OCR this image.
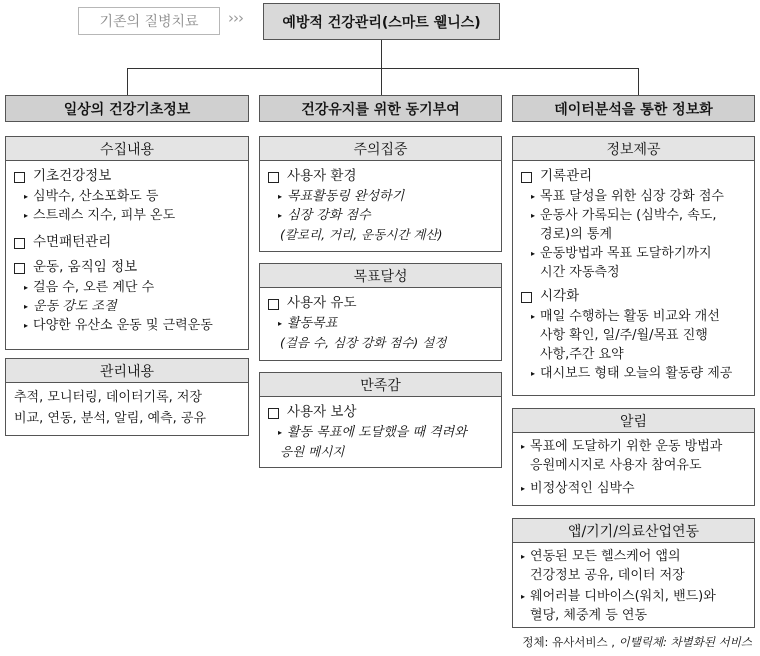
기존의 질병치료 ›››	예방적 건강관리(스마트 웰니스)
일상의 건강기초정보
수집내용
기초건강정보
▸ 심박수, 산소포화도 등
▸ 스트레스 지수, 피부 온도
수면패턴관리
운동, 움직임 정보
▸ 걸음 수, 오른 계단 수
▸ 운동 강도 조절
▸ 다양한 유산소 운동 및 근력운동
관리내용
추적, 모니터링, 데이터기록, 저장
비교, 연동, 분석, 알림, 예측, 공유
건강유지를 위한 동기부여
주의집중
사용자 환경
▸ 목표활동링 완성하기
▸ 심장 강화 점수
(칼로리, 거리, 운동시간 계산)
목표달성
사용자 유도
▸ 활동목표
(걸음 수, 심장 강화 점수) 설정
만족감
사용자 보상
▸ 활동 목표에 도달했을 때 격려와
응원 메시지
데이터분석을 통한 정보화
정보제공
기록관리
▸ 목표 달성을 위한 심장 강화 점수
▸ 운동사 가록되는 (심박수, 속도,
경로)의 통계
▸ 운동방법과 목표 도달하기까지
시간 자동측정
시각화
▸ 매일 수행하는 활동 비교와 개선
사항 확인, 일/주/월/목표 진행
사항,주간 요약
▸ 대시보드 형태 오늘의 활동량 제공
알림
▸ 목표에 도달하기 위한 운동 방법과
응원메시지로 사용자 참여유도
▸ 비정상적인 심박수
앱/기기/의료산업연동
▸ 연동된 모든 헬스케어 앱의
건강정보 공유, 데이터 저장
▸ 웨어러블 디바이스(워치, 밴드)와
혈당, 체중계 등 연동
정체: 유사서비스 , 이탤릭체: 차별화된 서비스
